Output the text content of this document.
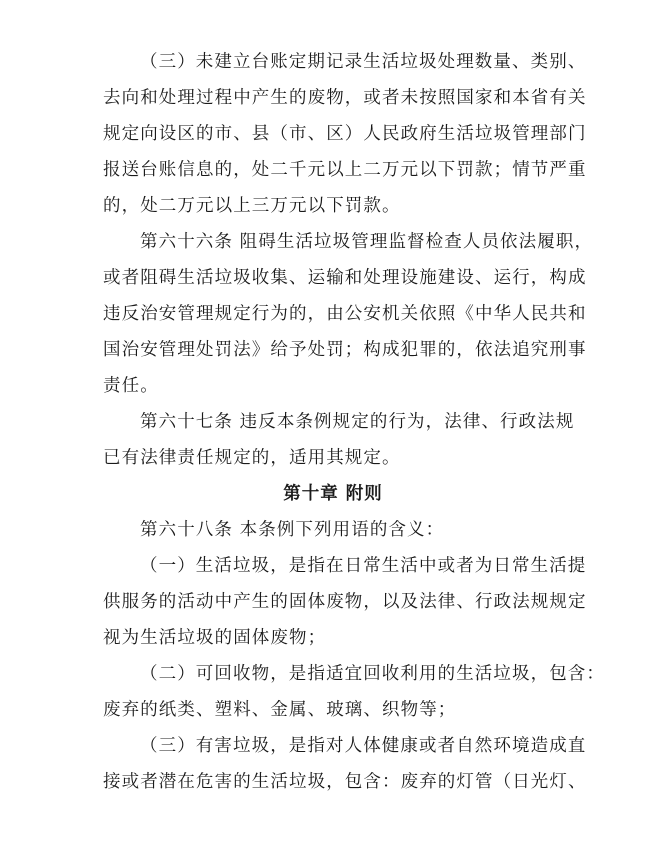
（三）未建立台账定期记录生活垃圾处理数量、类别、
去向和处理过程中产生的废物，或者未按照国家和本省有关
规定向设区的市、县（市、区）人民政府生活垃圾管理部门
报送台账信息的，处二千元以上二万元以下罚款；情节严重
的，处二万元以上三万元以下罚款。
第六十六条 阻碍生活垃圾管理监督检查人员依法履职，
或者阻碍生活垃圾收集、运输和处理设施建设、运行，构成
违反治安管理规定行为的，由公安机关依照《中华人民共和
国治安管理处罚法》给予处罚；构成犯罪的，依法追究刑事
责任。
第六十七条 违反本条例规定的行为，法律、行政法规
已有法律责任规定的，适用其规定。
第十章 附则
第六十八条 本条例下列用语的含义：
（一）生活垃圾，是指在日常生活中或者为日常生活提
供服务的活动中产生的固体废物，以及法律、行政法规规定
视为生活垃圾的固体废物；
（二）可回收物，是指适宜回收利用的生活垃圾，包含：
废弃的纸类、塑料、金属、玻璃、织物等；
（三）有害垃圾，是指对人体健康或者自然环境造成直
接或者潜在危害的生活垃圾，包含：废弃的灯管（日光灯、
